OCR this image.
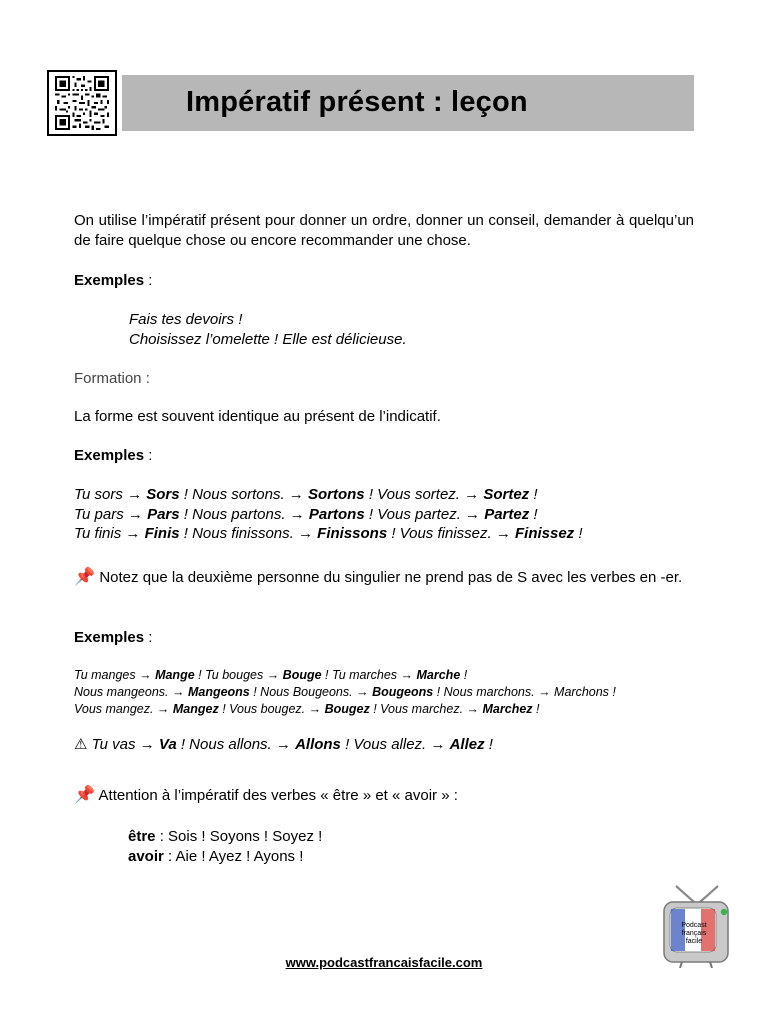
Impératif présent : leçon
On utilise l’impératif présent pour donner un ordre, donner un conseil, demander à quelqu’un de faire quelque chose ou encore recommander une chose.
Exemples :
Fais tes devoirs !
Choisissez l’omelette ! Elle est délicieuse.
Formation :
La forme est souvent identique au présent de l’indicatif.
Exemples :
Tu sors → Sors ! Nous sortons. → Sortons ! Vous sortez. → Sortez !
Tu pars → Pars ! Nous partons. → Partons ! Vous partez. → Partez !
Tu finis → Finis ! Nous finissons. → Finissons ! Vous finissez. → Finissez !
📌 Notez que la deuxième personne du singulier ne prend pas de S avec les verbes en -er.
Exemples :
Tu manges → Mange ! Tu bouges → Bouge ! Tu marches → Marche !
Nous mangeons. → Mangeons ! Nous Bougeons. → Bougeons ! Nous marchons. → Marchons !
Vous mangez. → Mangez ! Vous bougez. → Bougez ! Vous marchez. → Marchez !
⚠ Tu vas → Va ! Nous allons. → Allons ! Vous allez. → Allez !
📌 Attention à l’impératif des verbes « être » et « avoir » :
être : Sois ! Soyons ! Soyez !
avoir : Aie ! Ayez ! Ayons !
Podcast
français
facile
www.podcastfrancaisfacile.com
